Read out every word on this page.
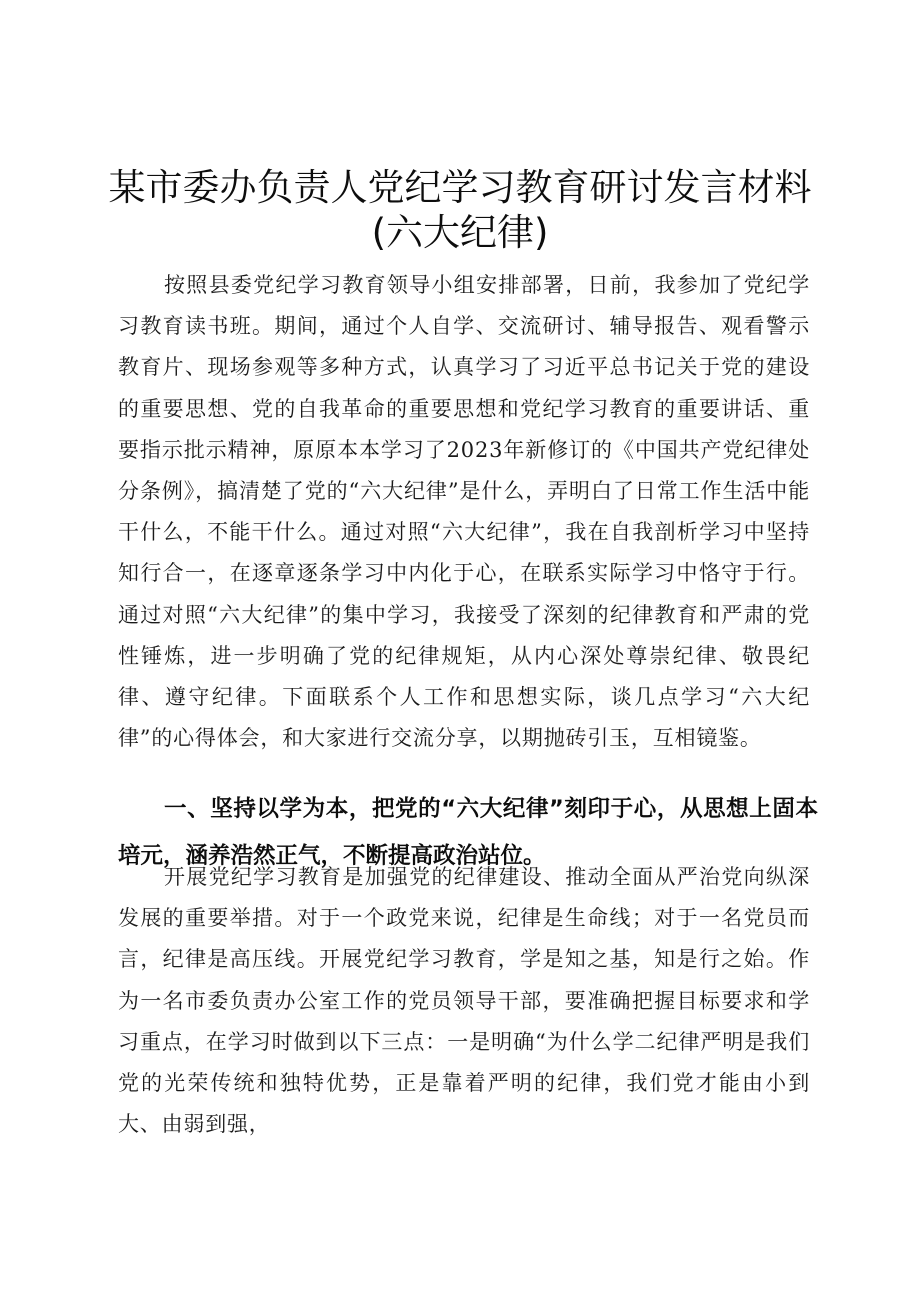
某市委办负责人党纪学习教育研讨发言材料
(六大纪律)
按照县委党纪学习教育领导小组安排部署，日前，我参加了党纪学习教育读书班。期间，通过个人自学、交流研讨、辅导报告、观看警示教育片、现场参观等多种方式，认真学习了习近平总书记关于党的建设的重要思想、党的自我革命的重要思想和党纪学习教育的重要讲话、重要指示批示精神，原原本本学习了2023年新修订的《中国共产党纪律处分条例》，搞清楚了党的“六大纪律”是什么，弄明白了日常工作生活中能干什么，不能干什么。通过对照“六大纪律”，我在自我剖析学习中坚持知行合一，在逐章逐条学习中内化于心，在联系实际学习中恪守于行。通过对照“六大纪律”的集中学习，我接受了深刻的纪律教育和严肃的党性锤炼，进一步明确了党的纪律规矩，从内心深处尊崇纪律、敬畏纪律、遵守纪律。下面联系个人工作和思想实际，谈几点学习“六大纪律”的心得体会，和大家进行交流分享，以期抛砖引玉，互相镜鉴。
一、坚持以学为本，把党的“六大纪律”刻印于心，从思想上固本培元，涵养浩然正气，不断提高政治站位。
开展党纪学习教育是加强党的纪律建设、推动全面从严治党向纵深发展的重要举措。对于一个政党来说，纪律是生命线；对于一名党员而言，纪律是高压线。开展党纪学习教育，学是知之基，知是行之始。作为一名市委负责办公室工作的党员领导干部，要准确把握目标要求和学习重点，在学习时做到以下三点：一是明确“为什么学二纪律严明是我们党的光荣传统和独特优势，正是靠着严明的纪律，我们党才能由小到大、由弱到强，
